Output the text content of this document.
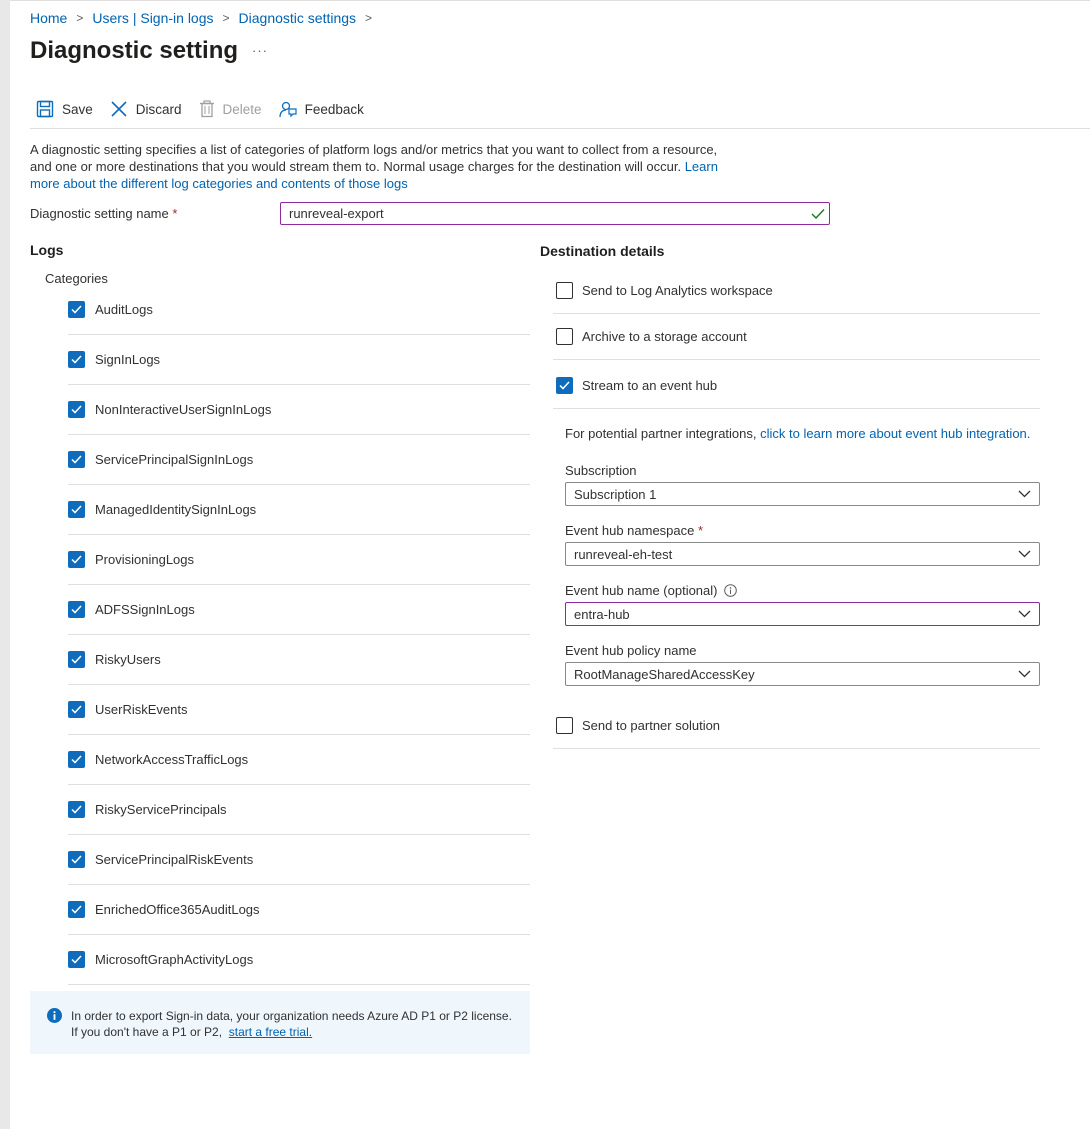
Home > Users | Sign-in logs > Diagnostic settings >
Diagnostic setting ···
Save	Discard	Delete	Feedback
A diagnostic setting specifies a list of categories of platform logs and/or metrics that you want to collect from a resource, and one or more destinations that you would stream them to. Normal usage charges for the destination will occur. Learn more about the different log categories and contents of those logs
Diagnostic setting name *
runreveal-export
Logs
Categories
AuditLogs
SignInLogs
NonInteractiveUserSignInLogs
ServicePrincipalSignInLogs
ManagedIdentitySignInLogs
ProvisioningLogs
ADFSSignInLogs
RiskyUsers
UserRiskEvents
NetworkAccessTrafficLogs
RiskyServicePrincipals
ServicePrincipalRiskEvents
EnrichedOffice365AuditLogs
MicrosoftGraphActivityLogs
In order to export Sign-in data, your organization needs Azure AD P1 or P2 license. If you don't have a P1 or P2, start a free trial.
Destination details
Send to Log Analytics workspace
Archive to a storage account
Stream to an event hub
For potential partner integrations, click to learn more about event hub integration.
Subscription
Subscription 1
Event hub namespace *
runreveal-eh-test
Event hub name (optional)
entra-hub
Event hub policy name
RootManageSharedAccessKey
Send to partner solution
